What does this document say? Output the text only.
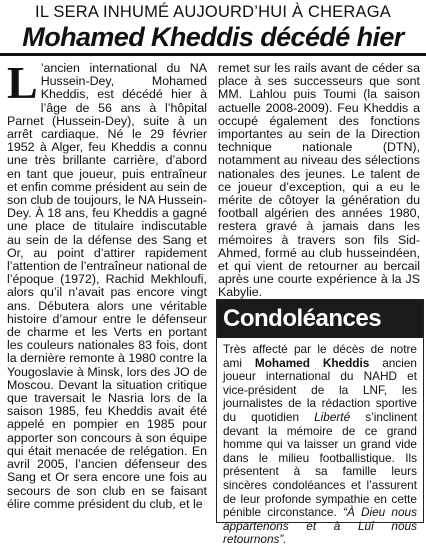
IL SERA INHUMÉ AUJOURD’HUI À CHERAGA
Mohamed Kheddis décédé hier
L ’ancien international du NA Hussein-Dey, Mohamed Kheddis, est décédé hier à l’âge de 56 ans à l’hôpital Parnet (Hussein-Dey), suite à un arrêt cardiaque. Né le 29 février 1952 à Alger, feu Kheddis a connu une très brillante carrière, d’abord en tant que joueur, puis entraîneur et enfin comme président au sein de son club de toujours, le NA Hussein-Dey. À 18 ans, feu Kheddis a gagné une place de titulaire indiscutable au sein de la défense des Sang et Or, au point d’attirer rapidement l’attention de l’entraîneur national de l’époque (1972), Rachid Mekhloufi, alors qu’il n’avait pas encore vingt ans. Débutera alors une véritable histoire d’amour entre le défenseur de charme et les Verts en portant les couleurs nationales 83 fois, dont la dernière remonte à 1980 contre la Yougoslavie à Minsk, lors des JO de Moscou. Devant la situation critique que traversait le Nasria lors de la saison 1985, feu Kheddis avait été appelé en pompier en 1985 pour apporter son concours à son équipe qui était menacée de relégation. En avril 2005, l’ancien défenseur des Sang et Or sera encore une fois au secours de son club en se faisant élire comme président du club, et le
remet sur les rails avant de céder sa place à ses successeurs que sont MM. Lahlou puis Toumi (la saison actuelle 2008-2009). Feu Kheddis a occupé également des fonctions importantes au sein de la Direction technique nationale (DTN), notamment au niveau des sélections nationales des jeunes. Le talent de ce joueur d’exception, qui a eu le mérite de côtoyer la génération du football algérien des années 1980, restera gravé à jamais dans les mémoires à travers son fils Sid-Ahmed, formé au club husseindéen, et qui vient de retourner au bercail après une courte expérience à la JS Kabylie.
Condoléances
Très affecté par le décès de notre ami Mohamed Kheddis ancien joueur international du NAHD et vice-président de la LNF, les journalistes de la rédaction sportive du quotidien Liberté s’inclinent devant la mémoire de ce grand homme qui va laisser un grand vide dans le milieu footballistique. Ils présentent à sa famille leurs sincères condoléances et l’assurent de leur profonde sympathie en cette pénible circonstance. “À Dieu nous appartenons et à Lui nous retournons”.
